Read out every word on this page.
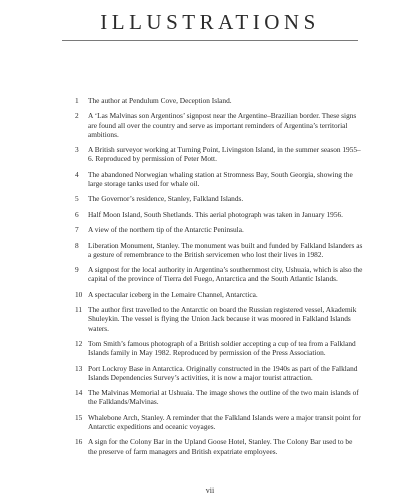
ILLUSTRATIONS
1	The author at Pendulum Cove, Deception Island.
2	A ‘Las Malvinas son Argentinos’ signpost near the Argentine–Brazilian border. These signs are found all over the country and serve as important reminders of Argentina’s territorial ambitions.
3	A British surveyor working at Turning Point, Livingston Island, in the summer season 1955–6. Reproduced by permission of Peter Mott.
4	The abandoned Norwegian whaling station at Stromness Bay, South Georgia, showing the large storage tanks used for whale oil.
5	The Governor’s residence, Stanley, Falkland Islands.
6	Half Moon Island, South Shetlands. This aerial photograph was taken in January 1956.
7	A view of the northern tip of the Antarctic Peninsula.
8	Liberation Monument, Stanley. The monument was built and funded by Falkland Islanders as a gesture of remembrance to the British servicemen who lost their lives in 1982.
9	A signpost for the local authority in Argentina’s southernmost city, Ushuaia, which is also the capital of the province of Tierra del Fuego, Antarctica and the South Atlantic Islands.
10 A spectacular iceberg in the Lemaire Channel, Antarctica.
11 The author first travelled to the Antarctic on board the Russian registered vessel, Akademik Shuleykin. The vessel is flying the Union Jack because it was moored in Falkland Islands waters.
12 Tom Smith’s famous photograph of a British soldier accepting a cup of tea from a Falkland Islands family in May 1982. Reproduced by permission of the Press Association.
13 Port Lockroy Base in Antarctica. Originally constructed in the 1940s as part of the Falkland Islands Dependencies Survey’s activities, it is now a major tourist attraction.
14 The Malvinas Memorial at Ushuaia. The image shows the outline of the two main islands of the Falklands/Malvinas.
15 Whalebone Arch, Stanley. A reminder that the Falkland Islands were a major transit point for Antarctic expeditions and oceanic voyages.
16 A sign for the Colony Bar in the Upland Goose Hotel, Stanley. The Colony Bar used to be the preserve of farm managers and British expatriate employees.
vii
